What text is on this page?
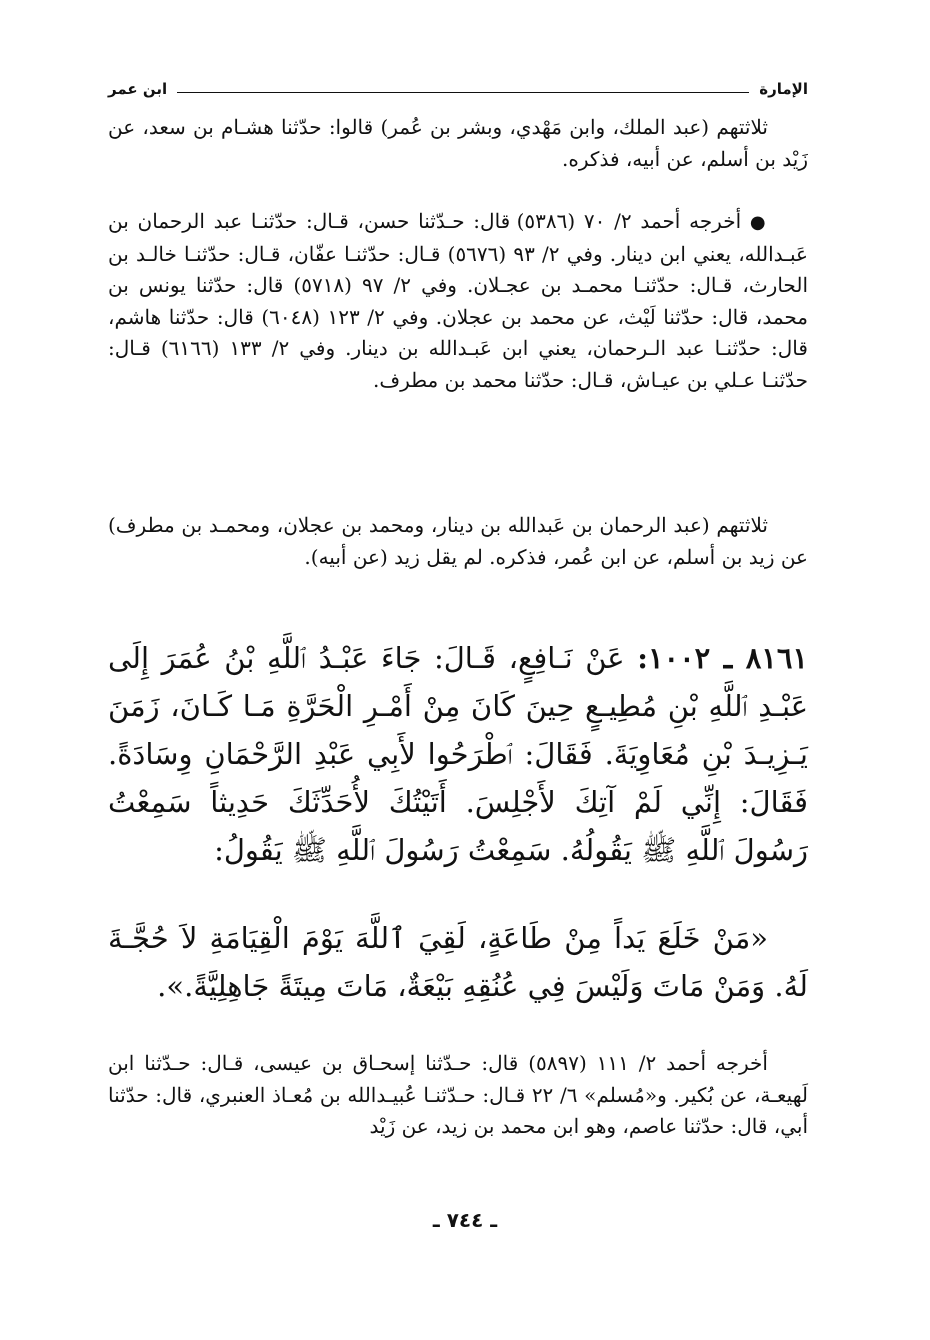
الإمارة
ابن عمر

ثلاثتهم (عبد الملك، وابن مَهْدي، وبشر بن عُمر) قالوا: حدّثنا هشـام بن سعد، عن زَيْد بن أسلم، عن أبيه، فذكره.

● أخرجه أحمد ٢/ ٧٠ (٥٣٨٦) قال: حـدّثنا حسن، قـال: حدّثنـا عبد الرحمان بن عَبـدالله، يعني ابن دينار. وفي ٢/ ٩٣ (٥٦٧٦) قـال: حدّثنـا عفّان، قـال: حدّثنـا خالـد بن الحارث، قـال: حدّثنـا محمـد بن عجـلان. وفي ٢/ ٩٧ (٥٧١٨) قال: حدّثنا يونس بن محمد، قال: حدّثنا لَيْث، عن محمد بن عجلان. وفي ٢/ ١٢٣ (٦٠٤٨) قال: حدّثنا هاشم، قال: حدّثنـا عبد الـرحمان، يعني ابن عَبـدالله بن دينار. وفي ٢/ ١٣٣ (٦١٦٦) قـال: حدّثنـا عـلي بن عيـاش، قـال: حدّثنا محمد بن مطرف.

ثلاثتهم (عبد الرحمان بن عَبدالله بن دينار، ومحمد بن عجلان، ومحمـد بن مطرف) عن زيد بن أسلم، عن ابن عُمر، فذكره. لم يقل زيد (عن أبيه).

٨١٦١ ـ ١٠٠٢: عَنْ نَـافِعٍ، قَـالَ: جَاءَ عَبْـدُ ٱللَّهِ بْنُ عُمَرَ إِلَى عَبْـدِ ٱللَّهِ بْنِ مُطِيـعٍ حِينَ كَانَ مِنْ أَمْـرِ الْحَرَّةِ مَـا كَـانَ، زَمَنَ يَـزِيـدَ بْنِ مُعَاوِيَةَ. فَقَالَ: ٱطْرَحُوا لأَبِي عَبْدِ الرَّحْمَانِ وِسَادَةً. فَقَالَ: إِنِّي لَمْ آتِكَ لأَجْلِسَ. أَتَيْتُكَ لأُحَدِّثَكَ حَدِيثاً سَمِعْتُ رَسُولَ ٱللَّهِ ﷺ يَقُولُهُ. سَمِعْتُ رَسُولَ ٱللَّهِ ﷺ يَقُولُ:

«مَنْ خَلَعَ يَداً مِنْ طَاعَةٍ، لَقِيَ ٱللَّهَ يَوْمَ الْقِيَامَةِ لاَ حُجَّـةَ لَهُ. وَمَنْ مَاتَ وَلَيْسَ فِي عُنُقِهِ بَيْعَةٌ، مَاتَ مِيتَةً جَاهِلِيَّةً.».

أخرجه أحمد ٢/ ١١١ (٥٨٩٧) قال: حـدّثنا إسحـاق بن عيسى، قـال: حـدّثنا ابن لَهيعـة، عن بُكير. و«مُسلم» ٦/ ٢٢ قـال: حـدّثنـا عُبيـدالله بن مُعـاذ العنبري، قال: حدّثنا أبي، قال: حدّثنا عاصم، وهو ابن محمد بن زيد، عن زَيْد

ـ ٧٤٤ ـ
